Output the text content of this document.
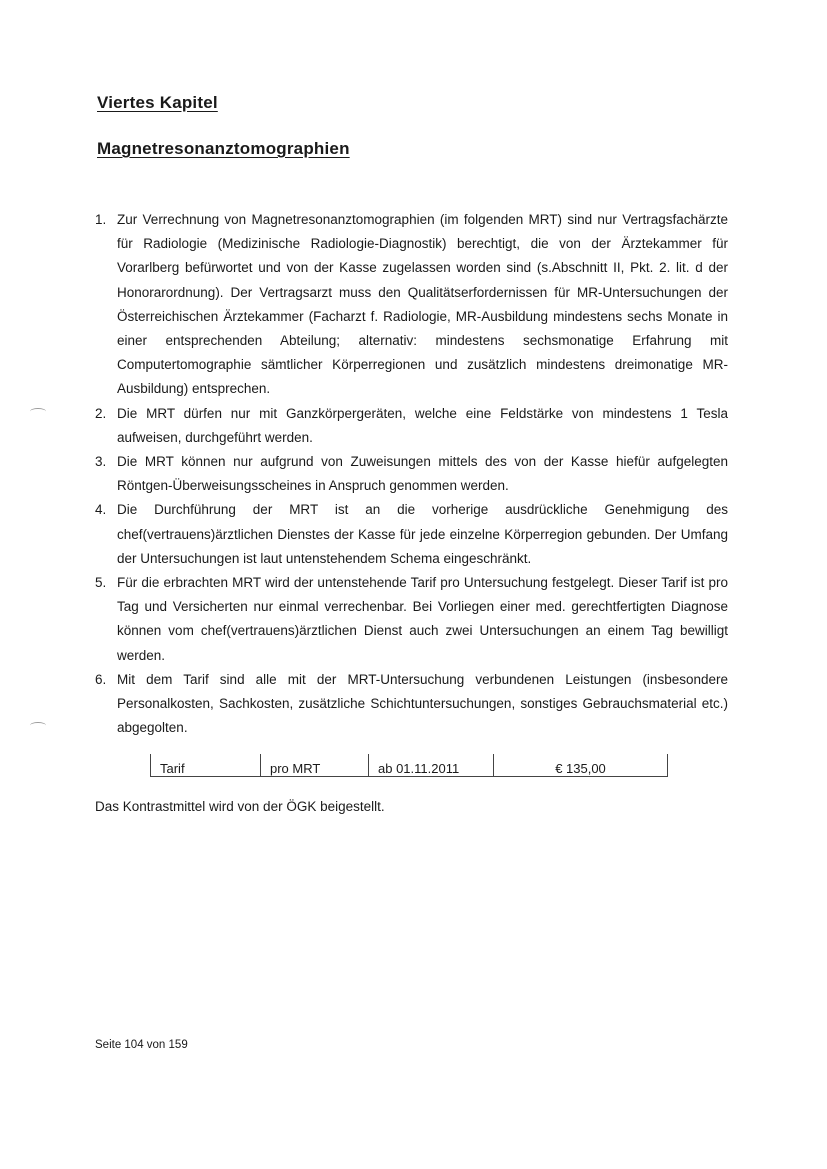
Viertes Kapitel
Magnetresonanztomographien
1. Zur Verrechnung von Magnetresonanztomographien (im folgenden MRT) sind nur Vertragsfachärzte für Radiologie (Medizinische Radiologie-Diagnostik) berechtigt, die von der Ärztekammer für Vorarlberg befürwortet und von der Kasse zugelassen worden sind (s.Abschnitt II, Pkt. 2. lit. d der Honorarordnung). Der Vertragsarzt muss den Qualitätserfordernissen für MR-Untersuchungen der Österreichischen Ärztekammer (Facharzt f. Radiologie, MR-Ausbildung mindestens sechs Monate in einer entsprechenden Abteilung; alternativ: mindestens sechsmonatige Erfahrung mit Computertomographie sämtlicher Körperregionen und zusätzlich mindestens dreimonatige MR-Ausbildung) entsprechen.
2. Die MRT dürfen nur mit Ganzkörpergeräten, welche eine Feldstärke von mindestens 1 Tesla aufweisen, durchgeführt werden.
3. Die MRT können nur aufgrund von Zuweisungen mittels des von der Kasse hiefür aufgelegten Röntgen-Überweisungsscheines in Anspruch genommen werden.
4. Die Durchführung der MRT ist an die vorherige ausdrückliche Genehmigung des chef(vertrauens)ärztlichen Dienstes der Kasse für jede einzelne Körperregion gebunden. Der Umfang der Untersuchungen ist laut untenstehendem Schema eingeschränkt.
5. Für die erbrachten MRT wird der untenstehende Tarif pro Untersuchung festgelegt. Dieser Tarif ist pro Tag und Versicherten nur einmal verrechenbar. Bei Vorliegen einer med. gerechtfertigten Diagnose können vom chef(vertrauens)ärztlichen Dienst auch zwei Untersuchungen an einem Tag bewilligt werden.
6. Mit dem Tarif sind alle mit der MRT-Untersuchung verbundenen Leistungen (insbesondere Personalkosten, Sachkosten, zusätzliche Schichtuntersuchungen, sonstiges Gebrauchsmaterial etc.) abgegolten.
Tarif	pro MRT	ab 01.11.2011	€ 135,00

Das Kontrastmittel wird von der ÖGK beigestellt.

Seite 104 von 159
